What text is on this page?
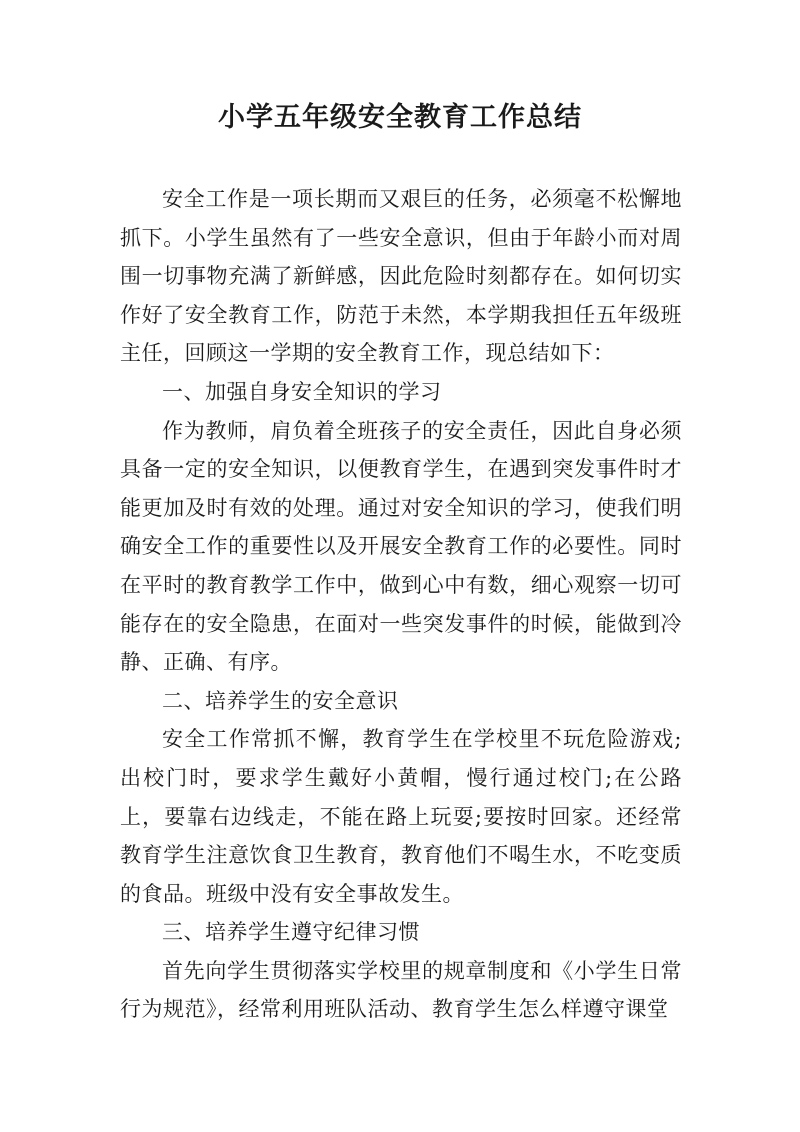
小学五年级安全教育工作总结

安全工作是一项长期而又艰巨的任务，必须毫不松懈地抓下。小学生虽然有了一些安全意识，但由于年龄小而对周围一切事物充满了新鲜感，因此危险时刻都存在。如何切实作好了安全教育工作，防范于未然，本学期我担任五年级班主任，回顾这一学期的安全教育工作，现总结如下：

一、加强自身安全知识的学习

作为教师，肩负着全班孩子的安全责任，因此自身必须具备一定的安全知识，以便教育学生，在遇到突发事件时才能更加及时有效的处理。通过对安全知识的学习，使我们明确安全工作的重要性以及开展安全教育工作的必要性。同时在平时的教育教学工作中，做到心中有数，细心观察一切可能存在的安全隐患，在面对一些突发事件的时候，能做到冷静、正确、有序。

二、培养学生的安全意识

安全工作常抓不懈，教育学生在学校里不玩危险游戏;出校门时，要求学生戴好小黄帽，慢行通过校门;在公路上，要靠右边线走，不能在路上玩耍;要按时回家。还经常教育学生注意饮食卫生教育，教育他们不喝生水，不吃变质的食品。班级中没有安全事故发生。

三、培养学生遵守纪律习惯

首先向学生贯彻落实学校里的规章制度和《小学生日常行为规范》，经常利用班队活动、教育学生怎么样遵守课堂
